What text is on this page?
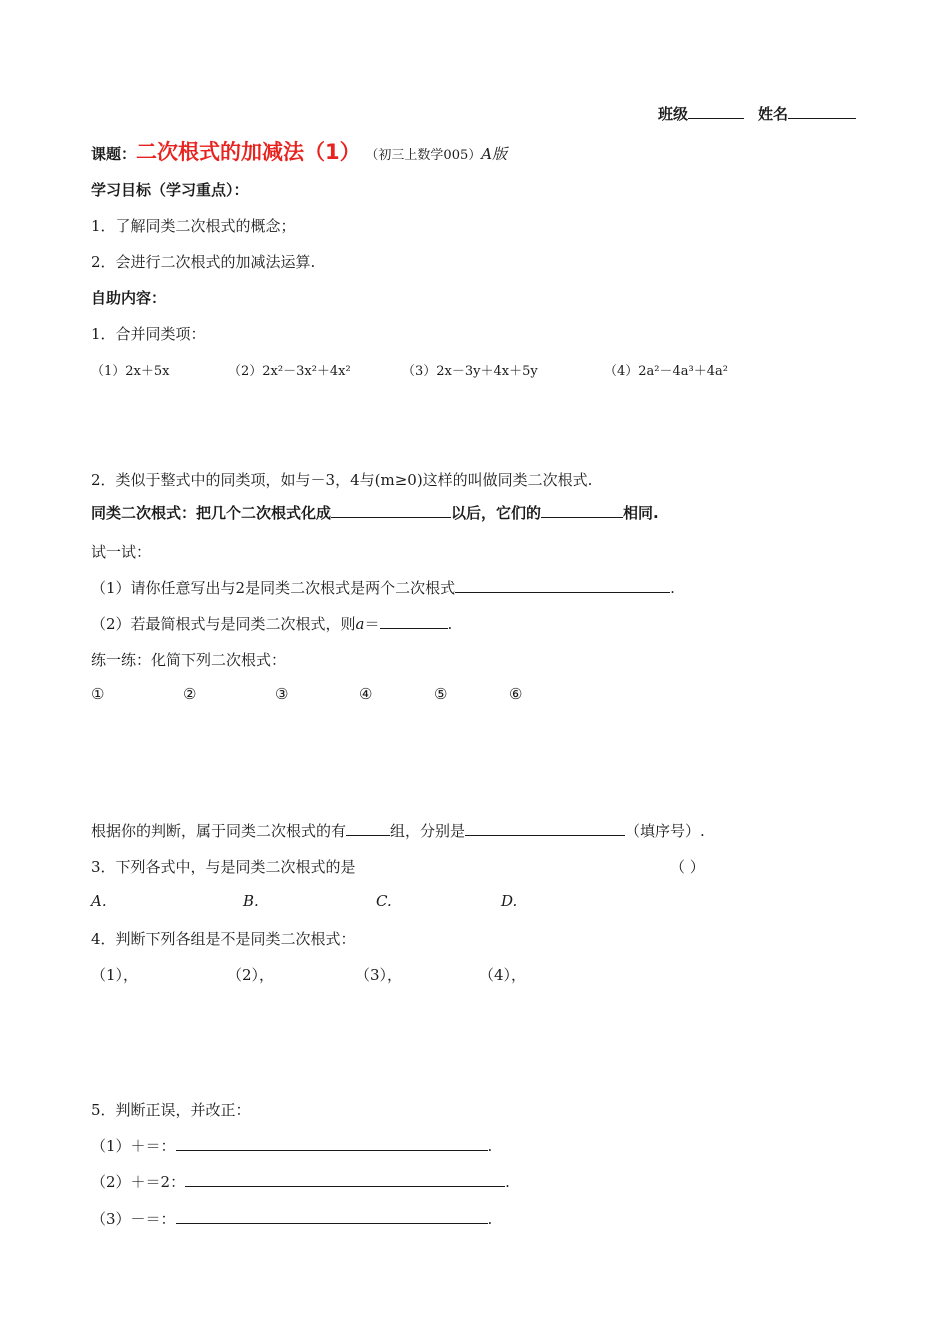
班级	姓名
课题：二次根式的加减法（1） （初三上数学005）A版
学习目标（学习重点）：
1．了解同类二次根式的概念；
2．会进行二次根式的加减法运算.
自助内容：
1．合并同类项：
（1）2x＋5x	（2）2x²－3x²＋4x²	（3）2x－3y＋4x＋5y	（4）2a²－4a³＋4a²
2．类似于整式中的同类项，如与－3，4与(m≥0)这样的叫做同类二次根式.
同类二次根式：把几个二次根式化成	以后，它们的	相同.
试一试：
（1）请你任意写出与2是同类二次根式是两个二次根式	.
（2）若最简根式与是同类二次根式，则a＝	.
练一练：化简下列二次根式：
①	②	③	④	⑤	⑥
根据你的判断，属于同类二次根式的有	组，分别是	（填序号）.
3．下列各式中，与是同类二次根式的是	（ ）
A.	B.	C.	D.
4．判断下列各组是不是同类二次根式：
（1），	（2），	（3），	（4），
5．判断正误，并改正：
（1）＋＝：	.
（2）＋＝2：	.
（3）－＝：	.
